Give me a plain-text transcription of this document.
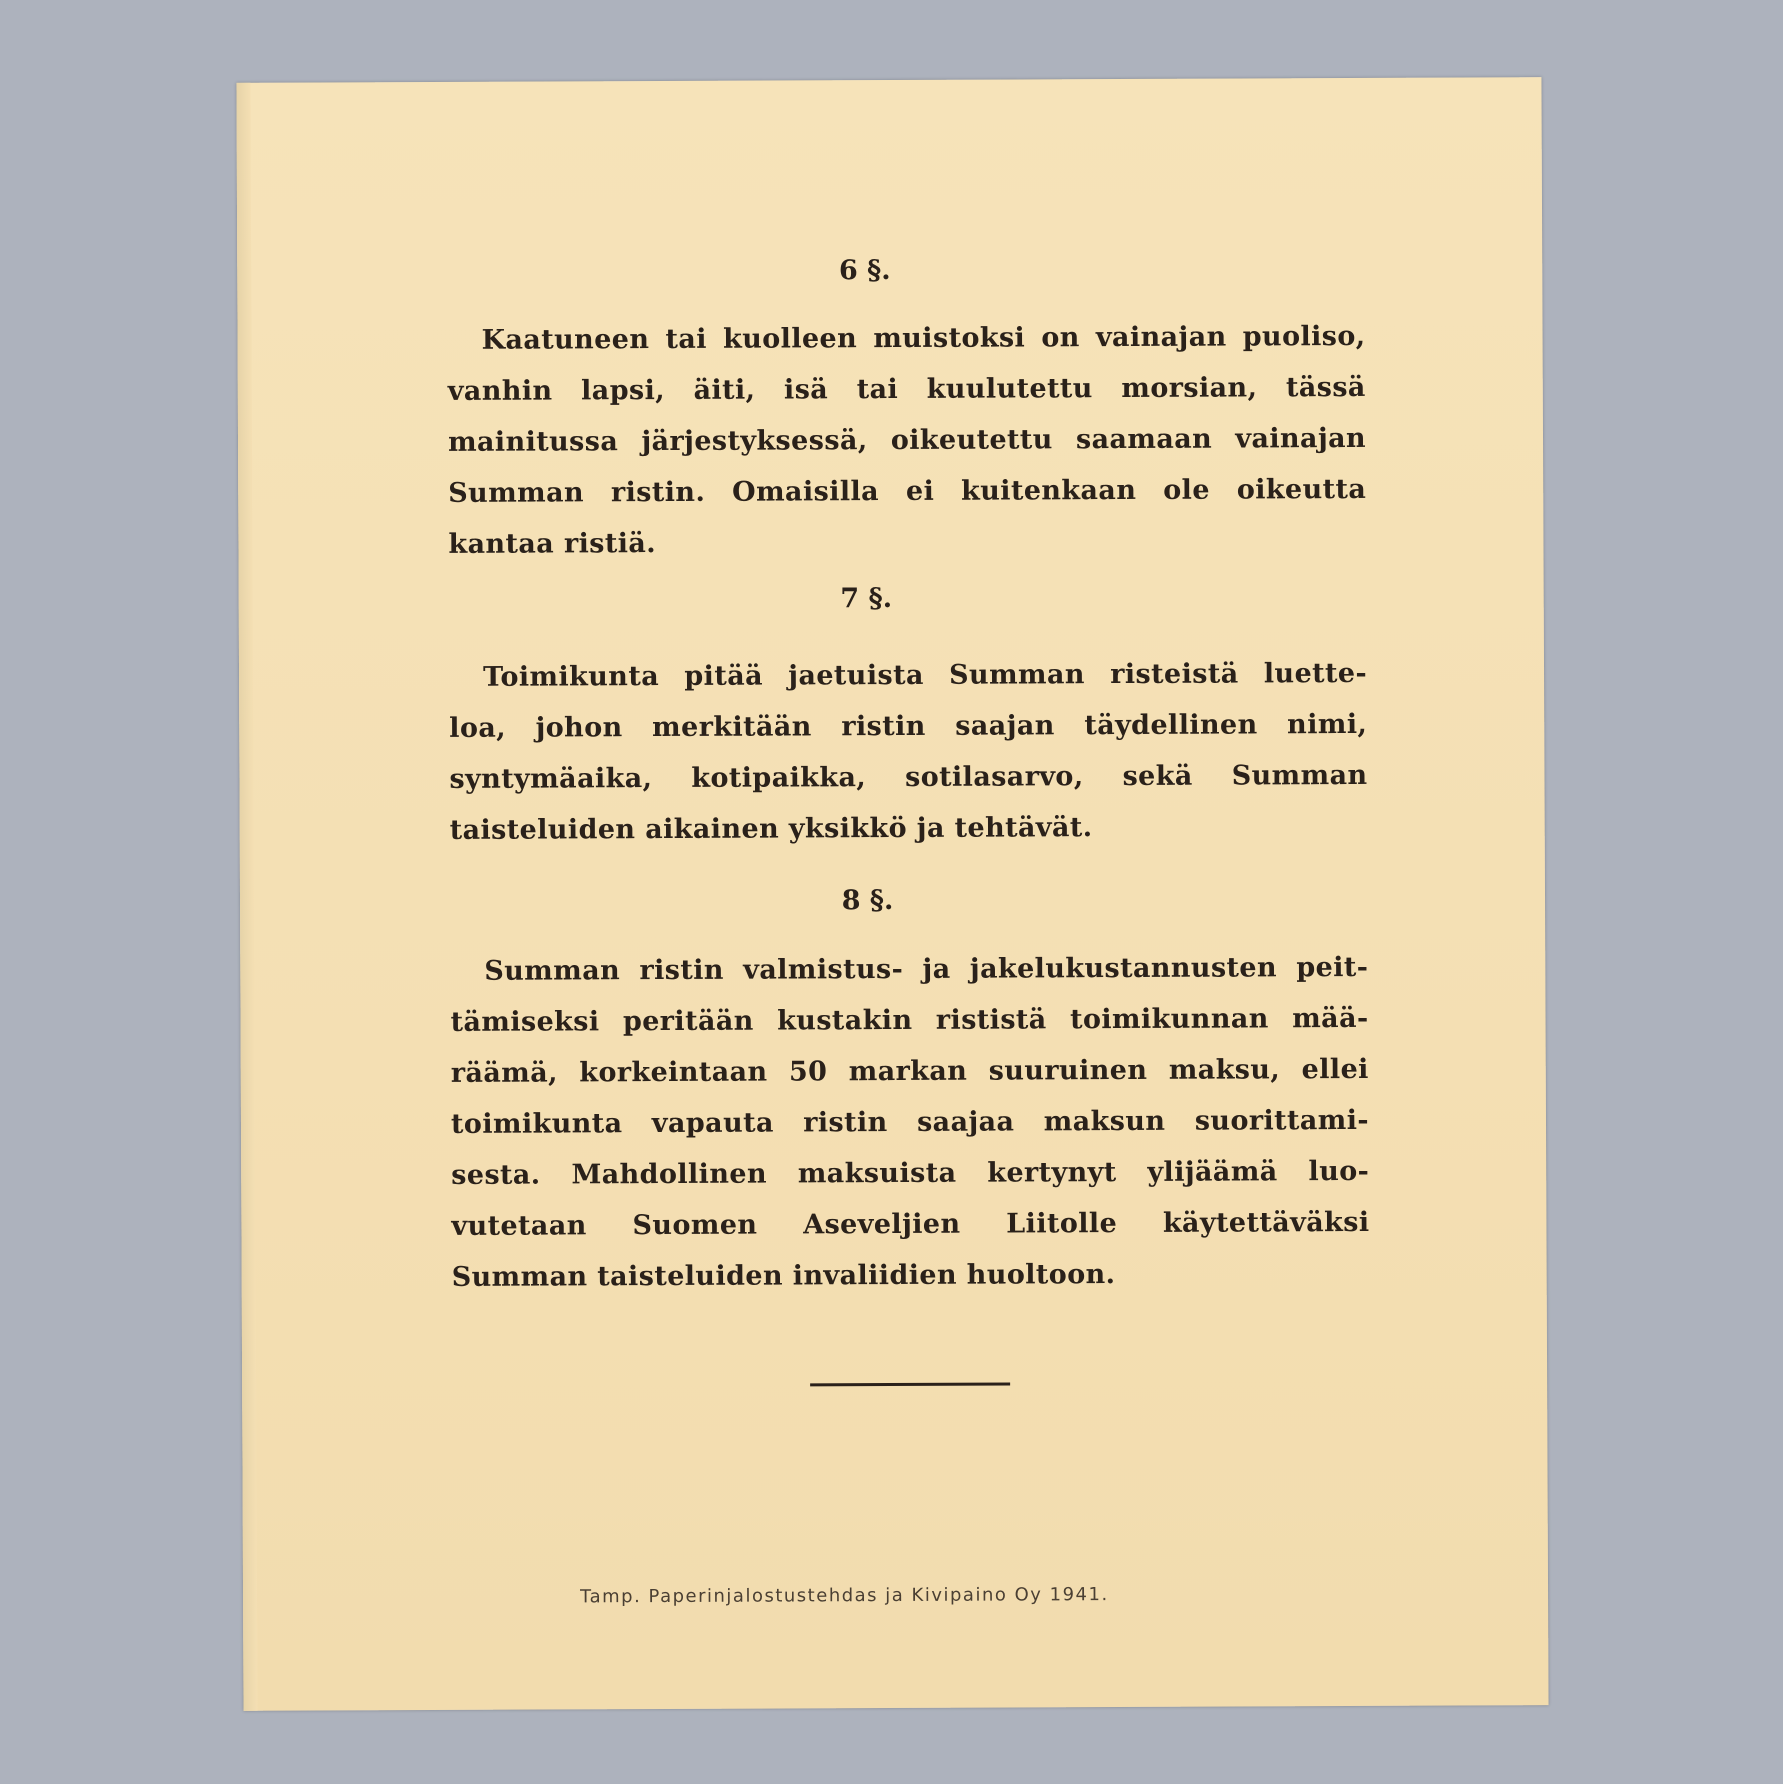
6 §.
Kaatuneen tai kuolleen muistoksi on vainajan puoliso,
vanhin lapsi, äiti, isä tai kuulutettu morsian, tässä
mainitussa järjestyksessä, oikeutettu saamaan vainajan
Summan ristin. Omaisilla ei kuitenkaan ole oikeutta
kantaa ristiä.
7 §.
Toimikunta pitää jaetuista Summan risteistä luette-
loa, johon merkitään ristin saajan täydellinen nimi,
syntymäaika, kotipaikka, sotilasarvo, sekä Summan
taisteluiden aikainen yksikkö ja tehtävät.
8 §.
Summan ristin valmistus- ja jakelukustannusten peit-
tämiseksi peritään kustakin rististä toimikunnan mää-
räämä, korkeintaan 50 markan suuruinen maksu, ellei
toimikunta vapauta ristin saajaa maksun suorittami-
sesta. Mahdollinen maksuista kertynyt ylijäämä luo-
vutetaan Suomen Aseveljien Liitolle käytettäväksi
Summan taisteluiden invaliidien huoltoon.
Tamp. Paperinjalostustehdas ja Kivipaino Oy 1941.
